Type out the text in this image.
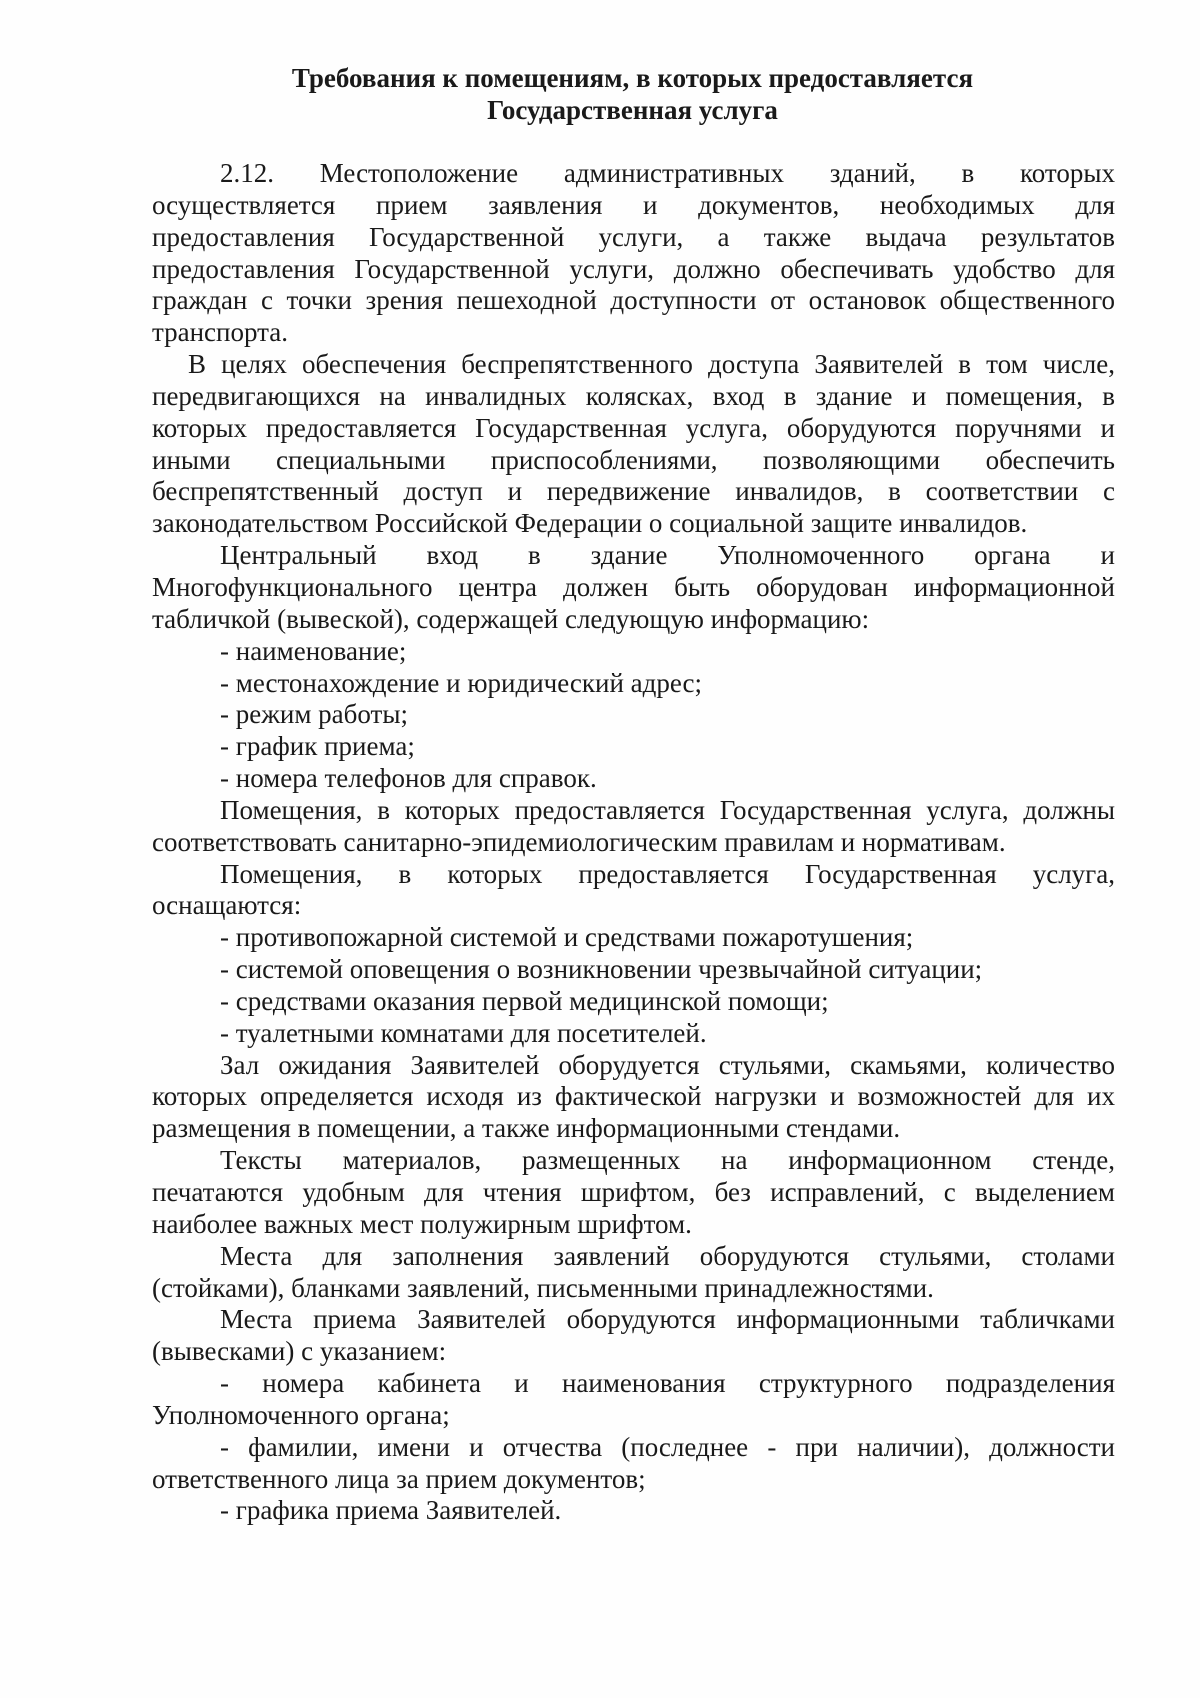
Требования к помещениям, в которых предоставляется
Государственная услуга
2.12. Местоположение административных зданий, в которых
осуществляется прием заявления и документов, необходимых для
предоставления Государственной услуги, а также выдача результатов
предоставления Государственной услуги, должно обеспечивать удобство для
граждан с точки зрения пешеходной доступности от остановок общественного
транспорта.
В целях обеспечения беспрепятственного доступа Заявителей в том числе,
передвигающихся на инвалидных колясках, вход в здание и помещения, в
которых предоставляется Государственная услуга, оборудуются поручнями и
иными специальными приспособлениями, позволяющими обеспечить
беспрепятственный доступ и передвижение инвалидов, в соответствии с
законодательством Российской Федерации о социальной защите инвалидов.
Центральный вход в здание Уполномоченного органа и
Многофункционального центра должен быть оборудован информационной
табличкой (вывеской), содержащей следующую информацию:
- наименование;
- местонахождение и юридический адрес;
- режим работы;
- график приема;
- номера телефонов для справок.
Помещения, в которых предоставляется Государственная услуга, должны
соответствовать санитарно-эпидемиологическим правилам и нормативам.
Помещения, в которых предоставляется Государственная услуга,
оснащаются:
- противопожарной системой и средствами пожаротушения;
- системой оповещения о возникновении чрезвычайной ситуации;
- средствами оказания первой медицинской помощи;
- туалетными комнатами для посетителей.
Зал ожидания Заявителей оборудуется стульями, скамьями, количество
которых определяется исходя из фактической нагрузки и возможностей для их
размещения в помещении, а также информационными стендами.
Тексты материалов, размещенных на информационном стенде,
печатаются удобным для чтения шрифтом, без исправлений, с выделением
наиболее важных мест полужирным шрифтом.
Места для заполнения заявлений оборудуются стульями, столами
(стойками), бланками заявлений, письменными принадлежностями.
Места приема Заявителей оборудуются информационными табличками
(вывесками) с указанием:
- номера кабинета и наименования структурного подразделения
Уполномоченного органа;
- фамилии, имени и отчества (последнее - при наличии), должности
ответственного лица за прием документов;
- графика приема Заявителей.
